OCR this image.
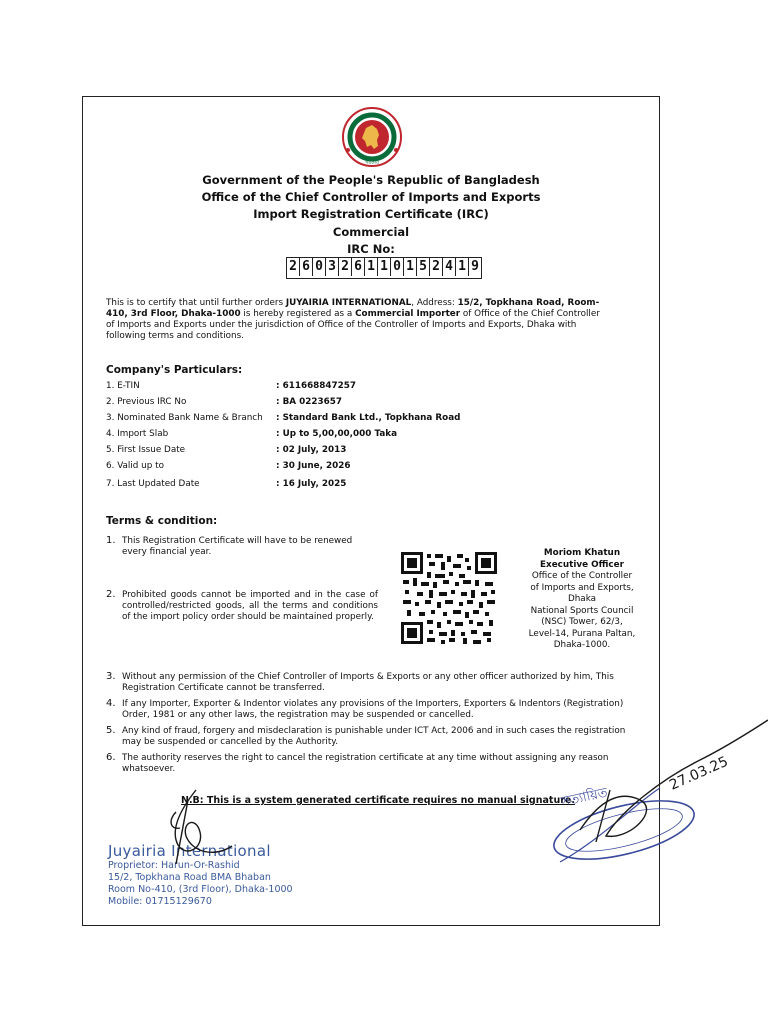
সরকার
Government of the People's Republic of Bangladesh
Office of the Chief Controller of Imports and Exports
Import Registration Certificate (IRC)
Commercial
IRC No:
2 6 0 3 2 6 1 1 0 1 5 2 4 1 9
This is to certify that until further orders JUYAIRIA INTERNATIONAL, Address: 15/2, Topkhana Road, Room-410, 3rd Floor, Dhaka-1000 is hereby registered as a Commercial Importer of Office of the Chief Controller of Imports and Exports under the jurisdiction of Office of the Controller of Imports and Exports, Dhaka with following terms and conditions.
Company's Particulars:
1. E-TIN	: 611668847257
2. Previous IRC No	: BA 0223657
3. Nominated Bank Name & Branch : Standard Bank Ltd., Topkhana Road
4. Import Slab	: Up to 5,00,00,000 Taka
5. First Issue Date	: 02 July, 2013
6. Valid up to	: 30 June, 2026
7. Last Updated Date	: 16 July, 2025
Terms & condition:
1. This Registration Certificate will have to be renewed every financial year.
2. Prohibited goods cannot be imported and in the case of controlled/restricted goods, all the terms and conditions of the import policy order should be maintained properly.
3. Without any permission of the Chief Controller of Imports & Exports or any other officer authorized by him, This Registration Certificate cannot be transferred.
4. If any Importer, Exporter & Indentor violates any provisions of the Importers, Exporters & Indentors (Registration) Order, 1981 or any other laws, the registration may be suspended or cancelled.
5. Any kind of fraud, forgery and misdeclaration is punishable under ICT Act, 2006 and in such cases the registration may be suspended or cancelled by the Authority.
6. The authority reserves the right to cancel the registration certificate at any time without assigning any reason whatsoever.
Moriom Khatun
Executive Officer
Office of the Controller
of Imports and Exports,
Dhaka
National Sports Council
(NSC) Tower, 62/3,
Level-14, Purana Paltan,
Dhaka-1000.
N.B: This is a system generated certificate requires no manual signature.
Juyairia International
Proprietor: Harun-Or-Rashid
15/2, Topkhana Road BMA Bhaban
Room No-410, (3rd Floor), Dhaka-1000
Mobile: 01715129670
সত্যায়িত
27.03.25
